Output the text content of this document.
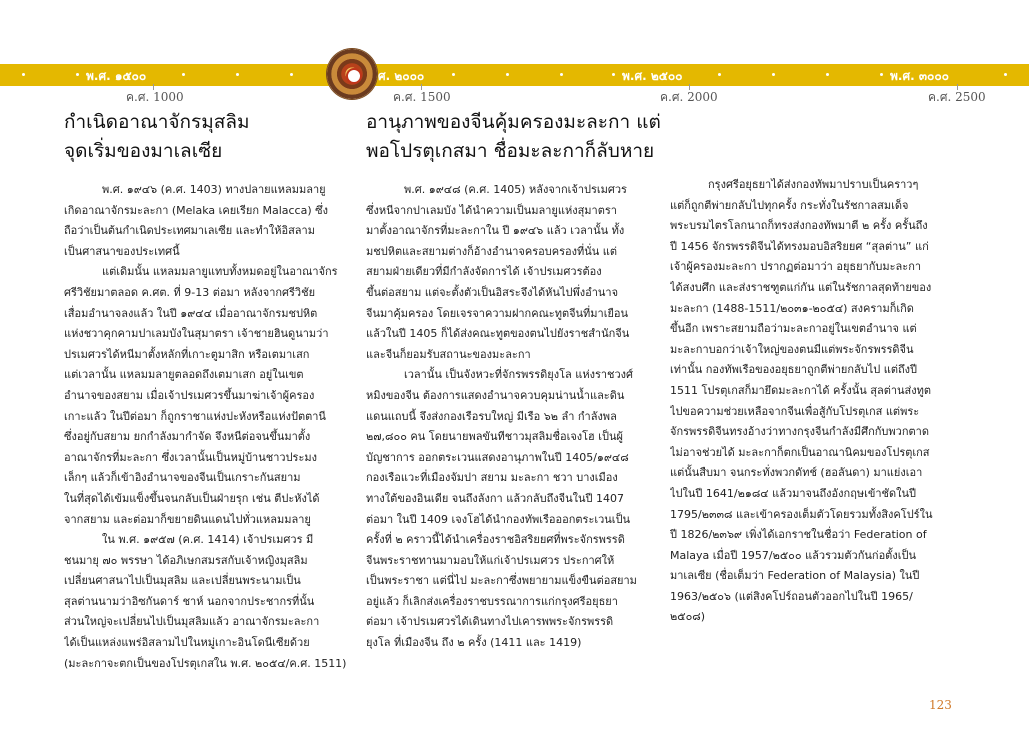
พ.ศ. ๑๕๐๐	ศ. ๒๐๐๐	พ.ศ. ๒๕๐๐	พ.ศ. ๓๐๐๐
ค.ศ. 1000	ค.ศ. 1500	ค.ศ. 2000	ค.ศ. 2500
กำเนิดอาณาจักรมุสลิม
จุดเริ่มของมาเลเซีย

พ.ศ. ๑๙๔๖ (ค.ศ. 1403) ทางปลายแหลมมลายู
เกิดอาณาจักรมะละกา (Melaka เคยเรียก Malacca) ซึ่ง
ถือว่าเป็นต้นกำเนิดประเทศมาเลเซีย และทำให้อิสลาม
เป็นศาสนาของประเทศนี้
แต่เดิมนั้น แหลมมลายูแทบทั้งหมดอยู่ในอาณาจักร
ศรีวิชัยมาตลอด ค.ศต. ที่ 9-13 ต่อมา หลังจากศรีวิชัย
เสื่อมอำนาจลงแล้ว ในปี ๑๙๔๔ เมื่ออาณาจักรมชปหิต
แห่งชวาคุกคามปาเลมบังในสุมาตรา เจ้าชายฮินดูนามว่า
ปรเมศวรได้หนีมาตั้งหลักที่เกาะตูมาสิก หรือเตมาเสก
แต่เวลานั้น แหลมมลายูตลอดถึงเตมาเสก อยู่ในเขต
อำนาจของสยาม เมื่อเจ้าปรเมศวรขึ้นมาฆ่าเจ้าผู้ครอง
เกาะแล้ว ในปีต่อมา ก็ถูกราชาแห่งปะหังหรือแห่งปัตตานี
ซึ่งอยู่กับสยาม ยกกำลังมากำจัด จึงหนีต่อจนขึ้นมาตั้ง
อาณาจักรที่มะละกา ซึ่งเวลานั้นเป็นหมู่บ้านชาวประมง
เล็กๆ แล้วก็เข้าอิงอำนาจของจีนเป็นเกราะกันสยาม
ในที่สุดได้เข้มแข็งขึ้นจนกลับเป็นฝ่ายรุก เช่น ตีปะหังได้
จากสยาม และต่อมาก็ขยายดินแดนไปทั่วแหลมมลายู
ใน พ.ศ. ๑๙๕๗ (ค.ศ. 1414) เจ้าปรเมศวร มี
ชนมายุ ๗๐ พรรษา ได้อภิเษกสมรสกับเจ้าหญิงมุสลิม
เปลี่ยนศาสนาไปเป็นมุสลิม และเปลี่ยนพระนามเป็น
สุลต่านนามว่าอิซกันดาร์ ชาห์ นอกจากประชากรที่นั้น
ส่วนใหญ่จะเปลี่ยนไปเป็นมุสลิมแล้ว อาณาจักรมะละกา
ได้เป็นแหล่งแพร่อิสลามไปในหมู่เกาะอินโดนีเซียด้วย
(มะละกาจะตกเป็นของโปรตุเกสใน พ.ศ. ๒๐๕๔/ค.ศ. 1511)

อานุภาพของจีนคุ้มครองมะละกา แต่
พอโปรตุเกสมา ชื่อมะละกาก็ลับหาย

พ.ศ. ๑๙๔๘ (ค.ศ. 1405) หลังจากเจ้าปรเมศวร
ซึ่งหนีจากปาเลมบัง ได้นำความเป็นมลายูแห่งสุมาตรา
มาตั้งอาณาจักรที่มะละกาใน ปี ๑๙๔๖ แล้ว เวลานั้น ทั้ง
มชปหิตและสยามต่างก็อ้างอำนาจครอบครองที่นั่น แต่
สยามฝ่ายเดียวที่มีกำลังจัดการได้ เจ้าปรเมศวรต้อง
ขึ้นต่อสยาม แต่จะตั้งตัวเป็นอิสระจึงได้หันไปพึ่งอำนาจ
จีนมาคุ้มครอง โดยเจรจาความฝากคณะทูตจีนที่มาเยือน
แล้วในปี 1405 ก็ได้ส่งคณะทูตของตนไปยังราชสำนักจีน
และจีนก็ยอมรับสถานะของมะละกา
เวลานั้น เป็นจังหวะที่จักรพรรดิยุงโล แห่งราชวงศ์
หมิงของจีน ต้องการแสดงอำนาจควบคุมน่านน้ำและดิน
แดนแถบนี้ จึงส่งกองเรือรบใหญ่ มีเรือ ๖๒ ลำ กำลังพล
๒๗,๘๐๐ คน โดยนายพลขันทีชาวมุสลิมชื่อเจงโฮ เป็นผู้
บัญชาการ ออกตระเวนแสดงอานุภาพในปี 1405/๑๙๔๘
กองเรือแวะที่เมืองจัมปา สยาม มะละกา ชวา บางเมือง
ทางใต้ของอินเดีย จนถึงลังกา แล้วกลับถึงจีนในปี 1407
ต่อมา ในปี 1409 เจงโฮได้นำกองทัพเรือออกตระเวนเป็น
ครั้งที่ ๒ คราวนี้ได้นำเครื่องราชอิสริยยศที่พระจักรพรรดิ
จีนพระราชทานมามอบให้แก่เจ้าปรเมศวร ประกาศให้
เป็นพระราชา แต่นี่ไป มะละกาซึ่งพยายามแข็งขืนต่อสยาม
อยู่แล้ว ก็เลิกส่งเครื่องราชบรรณาการแก่กรุงศรีอยุธยา
ต่อมา เจ้าปรเมศวรได้เดินทางไปเคารพพระจักรพรรดิ
ยุงโล ที่เมืองจีน ถึง ๒ ครั้ง (1411 และ 1419)

กรุงศรีอยุธยาได้ส่งกองทัพมาปราบเป็นคราวๆ
แต่ก็ถูกตีพ่ายกลับไปทุกครั้ง กระทั่งในรัชกาลสมเด็จ
พระบรมไตรโลกนาถก็ทรงส่งกองทัพมาตี ๒ ครั้ง ครั้นถึง
ปี 1456 จักรพรรดิจีนได้ทรงมอบอิสริยยศ “สุลต่าน” แก่
เจ้าผู้ครองมะละกา ปรากฏต่อมาว่า อยุธยากับมะละกา
ได้สงบศึก และส่งราชฑูตแก่กัน แต่ในรัชกาลสุดท้ายของ
มะละกา (1488-1511/๒๐๓๑-๒๐๕๔) สงครามก็เกิด
ขึ้นอีก เพราะสยามถือว่ามะละกาอยู่ในเขตอำนาจ แต่
มะละกาบอกว่าเจ้าใหญ่ของตนมีแต่พระจักรพรรดิจีน
เท่านั้น กองทัพเรือของอยุธยาถูกตีพ่ายกลับไป แต่ถึงปี
1511 โปรตุเกสก็มายึดมะละกาได้ ครั้งนั้น สุลต่านส่งทูต
ไปขอความช่วยเหลือจากจีนเพื่อสู้กับโปรตุเกส แต่พระ
จักรพรรดิจีนทรงอ้างว่าทางกรุงจีนกำลังมีศึกกับพวกตาด
ไม่อาจช่วยได้ มะละกาก็ตกเป็นอาณานิคมของโปรตุเกส
แต่นั้นสืบมา จนกระทั่งพวกดัทช์ (ฮอลันดา) มาแย่งเอา
ไปในปี 1641/๒๑๘๔ แล้วมาจนถึงอังกฤษเข้าชัดในปี
1795/๒๓๓๘ และเข้าครองเต็มตัวโดยรวมทั้งสิงคโปร์ใน
ปี 1826/๒๓๖๙ เพิ่งได้เอกราชในชื่อว่า Federation of
Malaya เมื่อปี 1957/๒๕๐๐ แล้วรวมตัวกันก่อตั้งเป็น
มาเลเซีย (ชื่อเต็มว่า Federation of Malaysia) ในปี
1963/๒๕๐๖ (แต่สิงคโปร์ถอนตัวออกไปในปี 1965/
๒๕๐๘)

123
